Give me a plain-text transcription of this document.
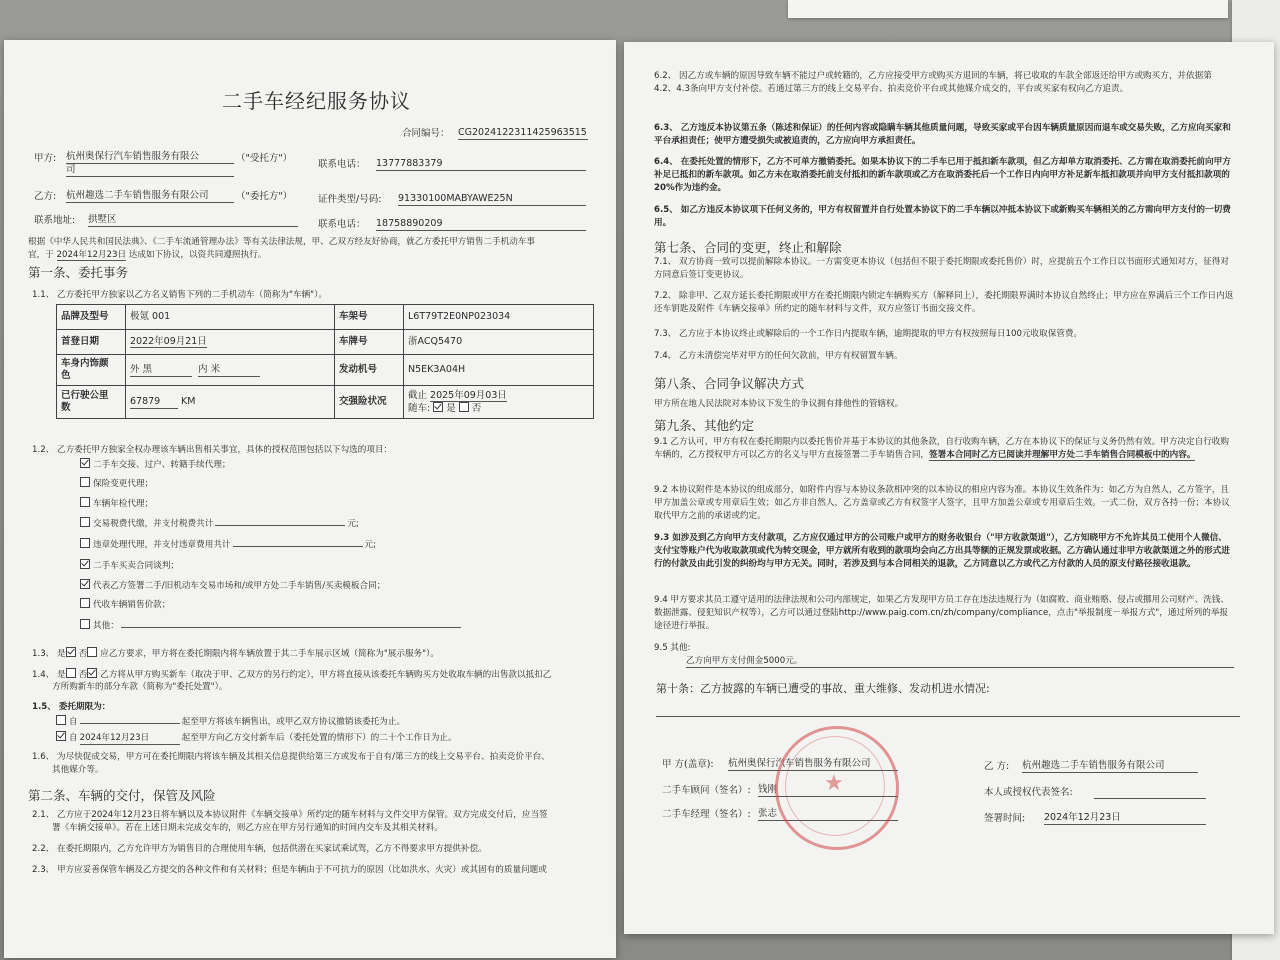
二手车经纪服务协议
合同编号： CG2024122311425963515
甲方: 杭州奥保行汽车销售服务有限公
司
（"受托方"）
联系电话： 13777883379
乙方: 杭州趣选二手车销售服务有限公司	（"委托方"）	证件类型/号码: 91330100MABYAWE25N
联系地址: 拱墅区	联系电话： 18758890209
根据《中华人民共和国民法典》、《二手车流通管理办法》等有关法律法规，甲、乙双方经友好协商，就乙方委托甲方销售二手机动车事
宜，于 2024年12月23日 达成如下协议，以资共同遵照执行。
第一条、委托事务
1.1、 乙方委托甲方独家以乙方名义销售下列的二手机动车（简称为"车辆"）。
品牌及型号	极氪 001	车架号	L6T79T2E0NP023034
首登日期	2022年09月21日	车牌号	浙ACQ5470
车身内饰颜
色	外 黑 内 米	发动机号	N5EK3A04H
已行驶公里
数	67879 KM	交强险状况	截止 2025年09月03日
随车: 是 否
1.2、 乙方委托甲方独家全权办理该车辆出售相关事宜，具体的授权范围包括以下勾选的项目：
二手车交接、过户、转籍手续代理；
保险变更代理；
车辆年检代理；
交易税费代缴，并支付税费共计	元;
违章处理代理，并支付违章费用共计	元;
二手车买卖合同谈判；
代表乙方签署二手/旧机动车交易市场和/或甲方处二手车销售/买卖模板合同；
代收车辆销售价款；
其他：
1.3、 是 否 应乙方要求，甲方将在委托期限内将车辆放置于其二手车展示区域（简称为"展示服务"）。
1.4、 是 否 乙方将从甲方购买新车（取决于甲、乙双方的另行约定），甲方将直接从该委托车辆购买方处收取车辆的出售款以抵扣乙
方所购新车的部分车款（简称为"委托处置"）。
1.5、 委托期限为：
自	起至甲方将该车辆售出，或甲乙双方协议撤销该委托为止。
自 2024年12月23日	起至甲方向乙方交付新车后（委托处置的情形下）的二十个工作日为止。
1.6、 为尽快促成交易，甲方可在委托期限内将该车辆及其相关信息提供给第三方或发布于自有/第三方的线上交易平台、拍卖竞价平台、
其他媒介等。
第二条、车辆的交付，保管及风险
2.1、 乙方应于2024年12月23日将车辆以及本协议附件《车辆交接单》所约定的随车材料与文件交甲方保管。双方完成交付后，应当签
署《车辆交接单》。若在上述日期未完成交车的，则乙方应在甲方另行通知的时间内交车及其相关材料。
2.2、 在委托期限内，乙方允许甲方为销售目的合理使用车辆，包括供潜在买家试乘试驾，乙方不得要求甲方提供补偿。
2.3、 甲方应妥善保管车辆及乙方提交的各种文件和有关材料；但是车辆由于不可抗力的原因（比如洪水、火灾）或其固有的质量问题或
6.2、 因乙方或车辆的原因导致车辆不能过户或转籍的，乙方应接受甲方或购买方退回的车辆，将已收取的车款全部返还给甲方或购买方，并依据第4.2、4.3条向甲方支付补偿。若通过第三方的线上交易平台、拍卖竞价平台或其他媒介成交的，平台或买家有权向乙方追责。
6.3、 乙方违反本协议第五条（陈述和保证）的任何内容或隐瞒车辆其他质量问题，导致买家或平台因车辆质量原因而退车或交易失败，乙方应向买家和平台承担责任；使甲方遭受损失或被追责的，乙方应向甲方承担责任。
6.4、 在委托处置的情形下，乙方不可单方撤销委托。如果本协议下的二手车已用于抵扣新车款项，但乙方却单方取消委托、乙方需在取消委托前向甲方补足已抵扣的新车款项。如乙方未在取消委托前支付抵扣的新车款项或乙方在取消委托后一个工作日内向甲方补足新车抵扣款项并向甲方支付抵扣款项的20%作为违约金。
6.5、 如乙方违反本协议项下任何义务的，甲方有权留置并自行处置本协议下的二手车辆以冲抵本协议下或新购买车辆相关的乙方需向甲方支付的一切费用。
第七条、合同的变更，终止和解除
7.1、 双方协商一致可以提前解除本协议。一方需变更本协议（包括但不限于委托期限或委托售价）时，应提前五个工作日以书面形式通知对方，征得对方同意后签订变更协议。
7.2、 除非甲、乙双方延长委托期限或甲方在委托期限内锁定车辆购买方（解释同上），委托期限界满时本协议自然终止；甲方应在界满后三个工作日内返还车钥匙及附件《车辆交接单》所约定的随车材料与文件，双方应签订书面交接文件。
7.3、 乙方应于本协议终止或解除后的一个工作日内提取车辆，逾期提取的甲方有权按照每日100元收取保管费。
7.4、 乙方未清偿完毕对甲方的任何欠款前，甲方有权留置车辆。
第八条、合同争议解决方式
甲方所在地人民法院对本协议下发生的争议拥有排他性的管辖权。
第九条、其他约定
9.1 乙方认可，甲方有权在委托期限内以委托售价并基于本协议的其他条款，自行收购车辆，乙方在本协议下的保证与义务仍然有效。甲方决定自行收购车辆的，乙方授权甲方可以乙方的名义与甲方直接签署二手车销售合同，签署本合同时乙方已阅读并理解甲方处二手车销售合同模板中的内容。
9.2 本协议附件是本协议的组成部分，如附件内容与本协议条款相冲突的以本协议的相应内容为准。本协议生效条件为：如乙方为自然人，乙方签字，且甲方加盖公章或专用章后生效；如乙方非自然人，乙方盖章或乙方有权签字人签字，且甲方加盖公章或专用章后生效。一式二份，双方各持一份；本协议取代甲方之前的承诺或约定。
9.3 如涉及到乙方向甲方支付款项，乙方应仅通过甲方的公司账户或甲方的财务收银台（"甲方收款渠道"），乙方知晓甲方不允许其员工使用个人微信、支付宝等账户代为收取款项或代为转交现金，甲方就所有收到的款项均会向乙方出具等额的正规发票或收据。乙方确认通过非甲方收款渠道之外的形式进行的付款及由此引发的纠纷均与甲方无关。同时，若涉及到与本合同相关的退款，乙方同意以乙方或代乙方付款的人员的原支付路径接收退款。
9.4 甲方要求其员工遵守适用的法律法规和公司内部规定，如果乙方发现甲方员工存在违法违规行为（如腐败、商业贿赂、侵占或挪用公司财产、洗钱、数据泄露、侵犯知识产权等），乙方可以通过登陆http://www.paig.com.cn/zh/company/compliance，点击"举报制度－举报方式"，通过所列的举报途径进行举报。
9.5 其他:
乙方向甲方支付佣金5000元。
第十条：乙方披露的车辆已遭受的事故、重大维修、发动机进水情况:
甲 方(盖章): 杭州奥保行汽车销售服务有限公司	乙 方: 杭州趣选二手车销售服务有限公司
二手车顾问（签名）: 钱刚	本人或授权代表签名:
二手车经理（签名）: 张志	签署时间: 2024年12月23日
★
